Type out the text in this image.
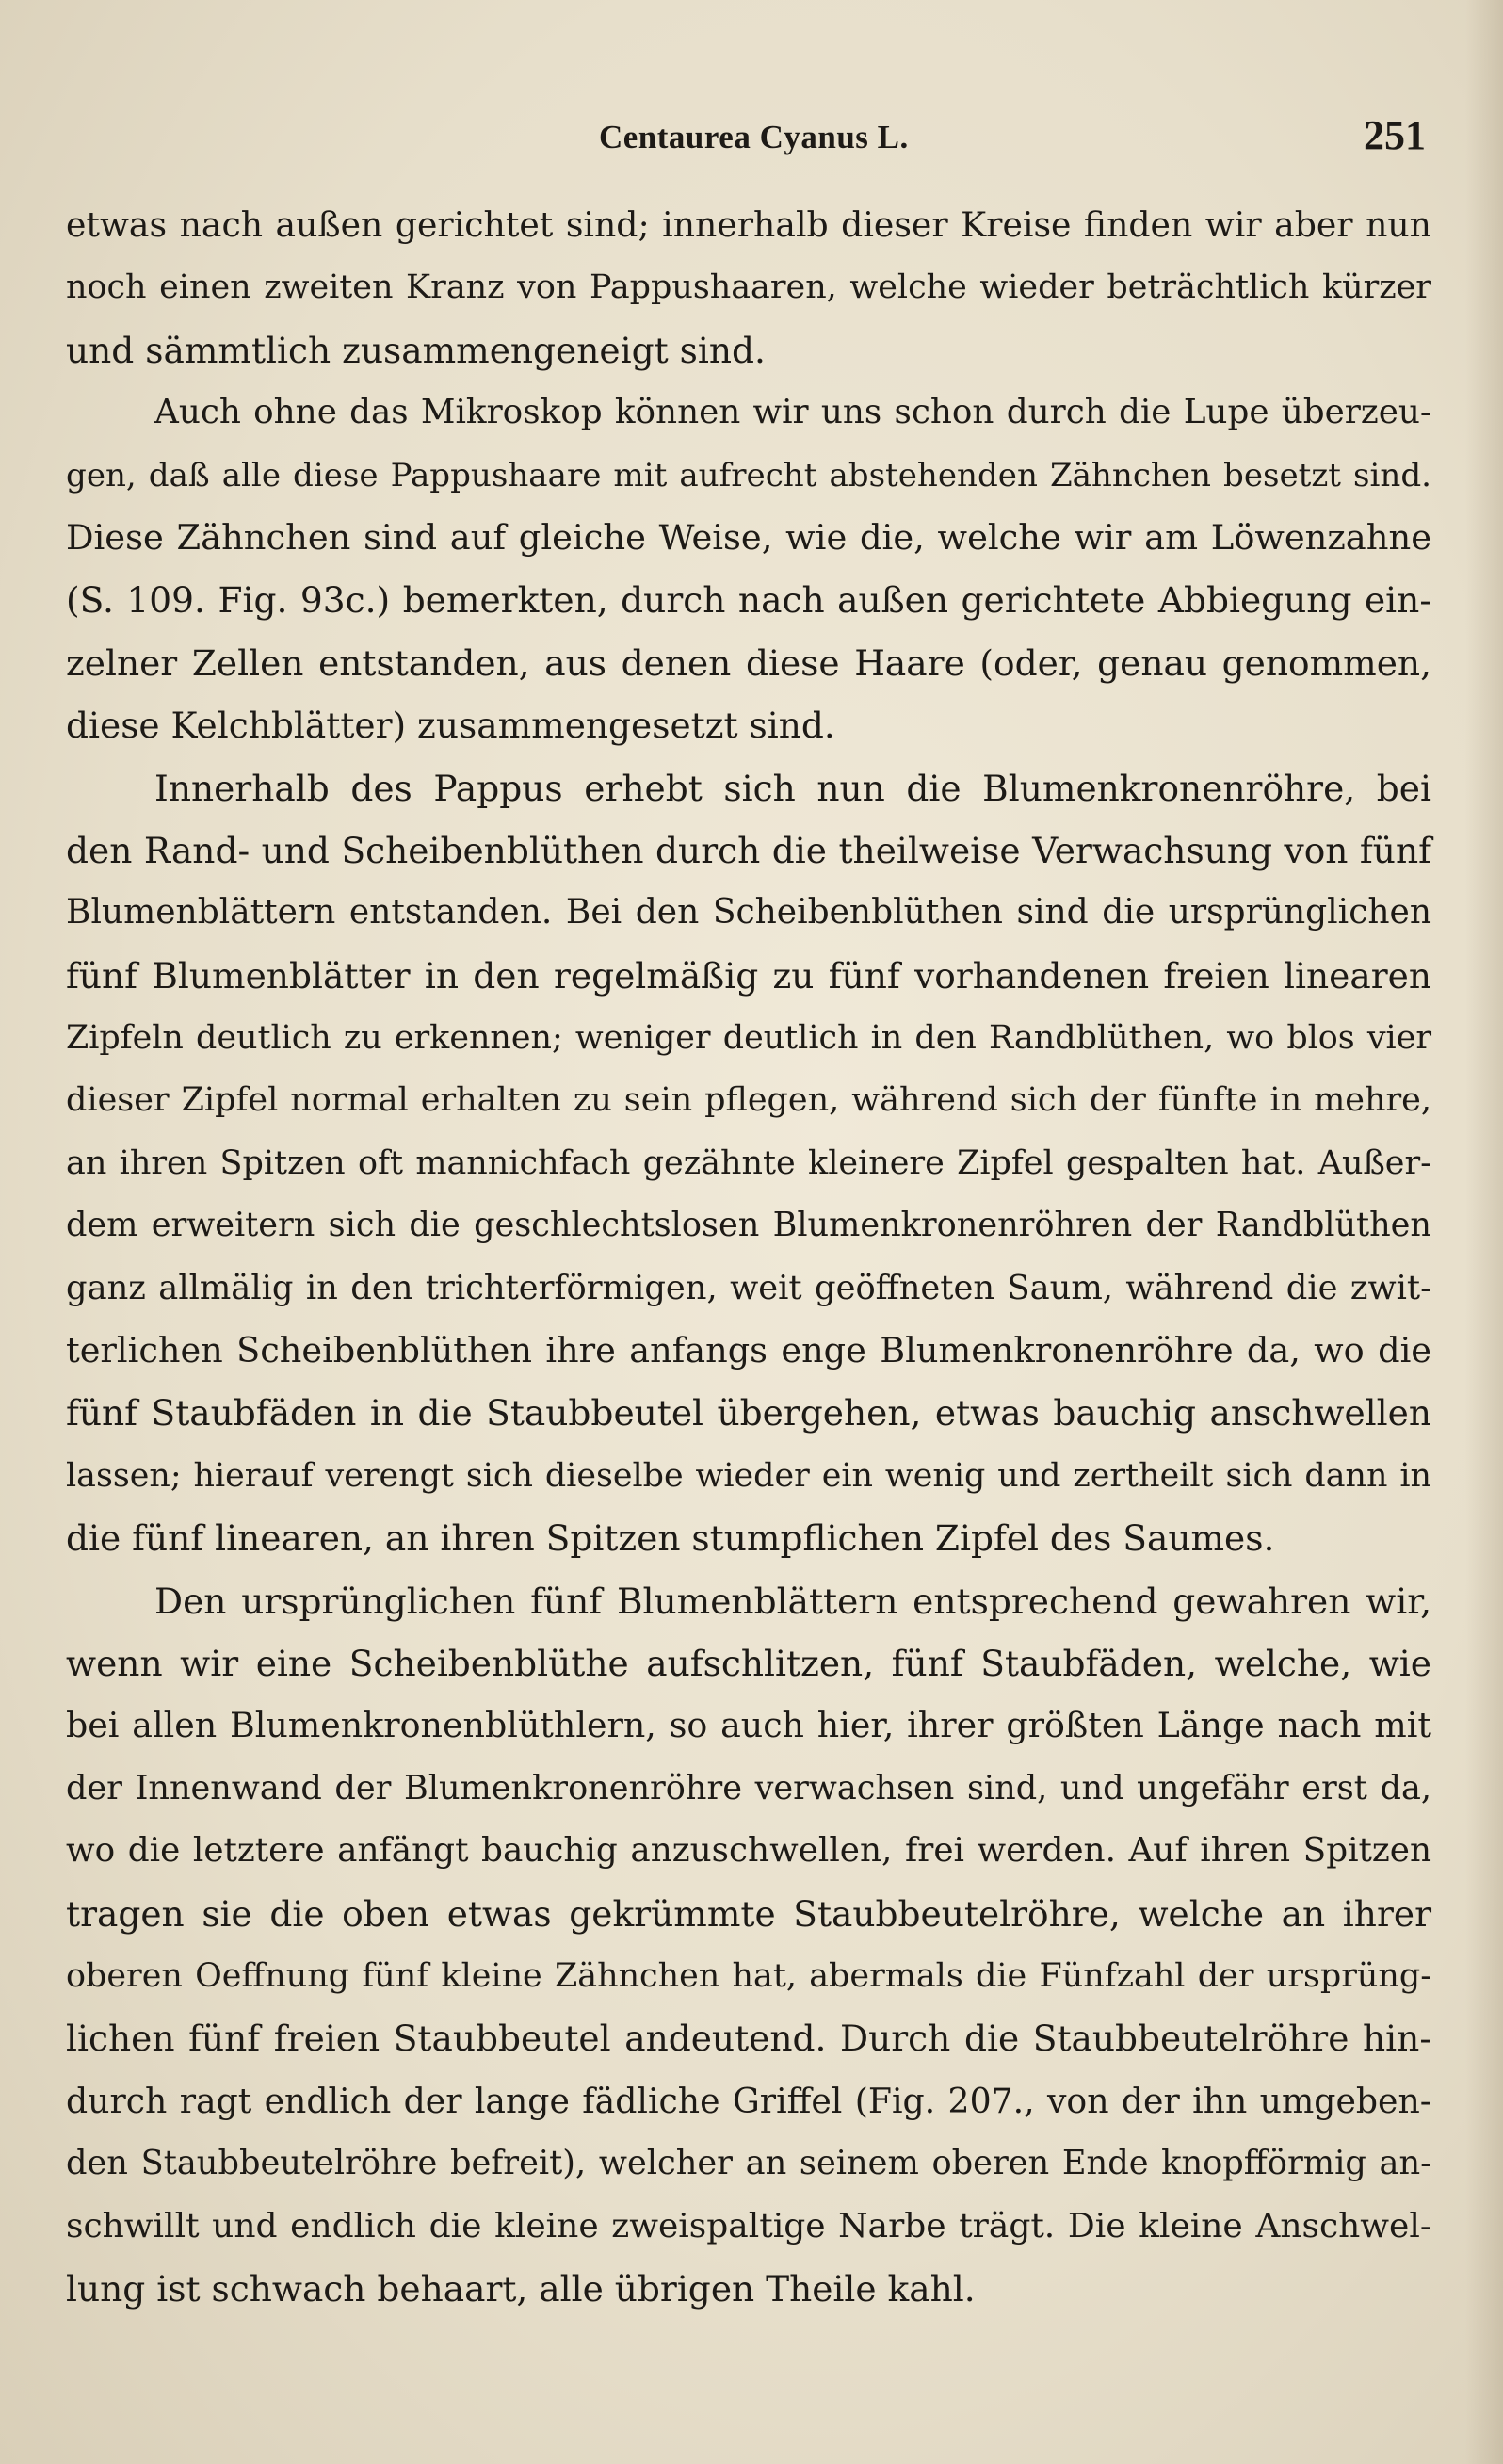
Centaurea Cyanus L.	251
etwas nach außen gerichtet sind; innerhalb dieser Kreise finden wir aber nun
noch einen zweiten Kranz von Pappushaaren, welche wieder beträchtlich kürzer
und sämmtlich zusammengeneigt sind.
Auch ohne das Mikroskop können wir uns schon durch die Lupe überzeu-
gen, daß alle diese Pappushaare mit aufrecht abstehenden Zähnchen besetzt sind.
Diese Zähnchen sind auf gleiche Weise, wie die, welche wir am Löwenzahne
(S. 109. Fig. 93c.) bemerkten, durch nach außen gerichtete Abbiegung ein-
zelner Zellen entstanden, aus denen diese Haare (oder, genau genommen,
diese Kelchblätter) zusammengesetzt sind.
Innerhalb des Pappus erhebt sich nun die Blumenkronenröhre, bei
den Rand- und Scheibenblüthen durch die theilweise Verwachsung von fünf
Blumenblättern entstanden. Bei den Scheibenblüthen sind die ursprünglichen
fünf Blumenblätter in den regelmäßig zu fünf vorhandenen freien linearen
Zipfeln deutlich zu erkennen; weniger deutlich in den Randblüthen, wo blos vier
dieser Zipfel normal erhalten zu sein pflegen, während sich der fünfte in mehre,
an ihren Spitzen oft mannichfach gezähnte kleinere Zipfel gespalten hat. Außer-
dem erweitern sich die geschlechtslosen Blumenkronenröhren der Randblüthen
ganz allmälig in den trichterförmigen, weit geöffneten Saum, während die zwit-
terlichen Scheibenblüthen ihre anfangs enge Blumenkronenröhre da, wo die
fünf Staubfäden in die Staubbeutel übergehen, etwas bauchig anschwellen
lassen; hierauf verengt sich dieselbe wieder ein wenig und zertheilt sich dann in
die fünf linearen, an ihren Spitzen stumpflichen Zipfel des Saumes.
Den ursprünglichen fünf Blumenblättern entsprechend gewahren wir,
wenn wir eine Scheibenblüthe aufschlitzen, fünf Staubfäden, welche, wie
bei allen Blumenkronenblüthlern, so auch hier, ihrer größten Länge nach mit
der Innenwand der Blumenkronenröhre verwachsen sind, und ungefähr erst da,
wo die letztere anfängt bauchig anzuschwellen, frei werden. Auf ihren Spitzen
tragen sie die oben etwas gekrümmte Staubbeutelröhre, welche an ihrer
oberen Oeffnung fünf kleine Zähnchen hat, abermals die Fünfzahl der ursprüng-
lichen fünf freien Staubbeutel andeutend. Durch die Staubbeutelröhre hin-
durch ragt endlich der lange fädliche Griffel (Fig. 207., von der ihn umgeben-
den Staubbeutelröhre befreit), welcher an seinem oberen Ende knopfförmig an-
schwillt und endlich die kleine zweispaltige Narbe trägt. Die kleine Anschwel-
lung ist schwach behaart, alle übrigen Theile kahl.
